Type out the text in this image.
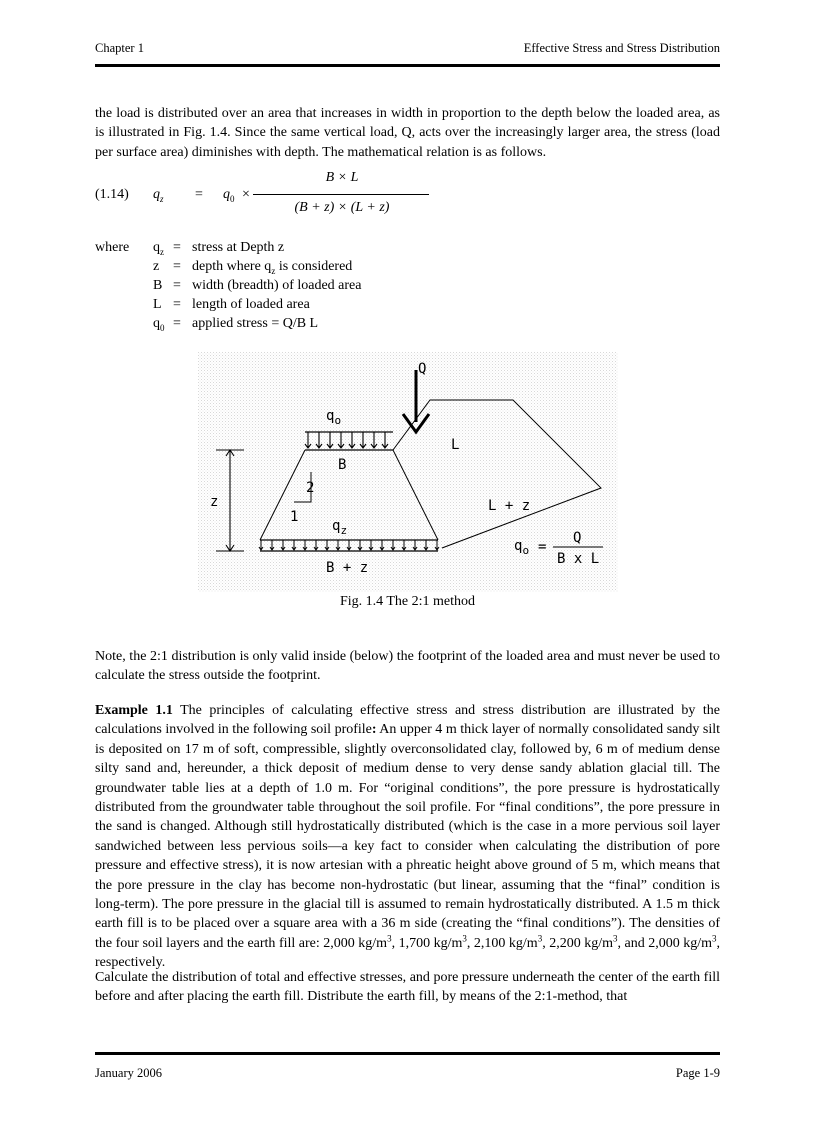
Chapter 1	Effective Stress and Stress Distribution
the load is distributed over an area that increases in width in proportion to the depth below the loaded area, as is illustrated in Fig. 1.4. Since the same vertical load, Q, acts over the increasingly larger area, the stress (load per surface area) diminishes with depth. The mathematical relation is as follows.
(1.14) $q_z = q_0$ ×
B × L
(B + z) × (L + z)
where $q_z$ = stress at Depth z
z = depth where $q_z$ is considered
B = width (breadth) of loaded area
L = length of loaded area
$q_0$ = applied stress = Q/B L
Q
$q_o$
B
L
2
1
z
$q_z$
L + z
B + z
$q_o$ =
Q
B x L
Fig. 1.4 The 2:1 method
Note, the 2:1 distribution is only valid inside (below) the footprint of the loaded area and must never be used to calculate the stress outside the footprint.
Example 1.1 The principles of calculating effective stress and stress distribution are illustrated by the calculations involved in the following soil profile: An upper 4 m thick layer of normally consolidated sandy silt is deposited on 17 m of soft, compressible, slightly overconsolidated clay, followed by, 6 m of medium dense silty sand and, hereunder, a thick deposit of medium dense to very dense sandy ablation glacial till. The groundwater table lies at a depth of 1.0 m. For “original conditions”, the pore pressure is hydrostatically distributed from the groundwater table throughout the soil profile. For “final conditions”, the pore pressure in the sand is changed. Although still hydrostatically distributed (which is the case in a more pervious soil layer sandwiched between less pervious soils—a key fact to consider when calculating the distribution of pore pressure and effective stress), it is now artesian with a phreatic height above ground of 5 m, which means that the pore pressure in the clay has become non-hydrostatic (but linear, assuming that the “final” condition is long-term). The pore pressure in the glacial till is assumed to remain hydrostatically distributed. A 1.5 m thick earth fill is to be placed over a square area with a 36 m side (creating the “final conditions”). The densities of the four soil layers and the earth fill are: 2,000 $kg/m^3$, 1,700 $kg/m^3$, 2,100 $kg/m^3$, 2,200 $kg/m^3$, and 2,000 $kg/m^3$, respectively.
Calculate the distribution of total and effective stresses, and pore pressure underneath the center of the earth fill before and after placing the earth fill. Distribute the earth fill, by means of the 2:1-method, that
January 2006	Page 1-9
